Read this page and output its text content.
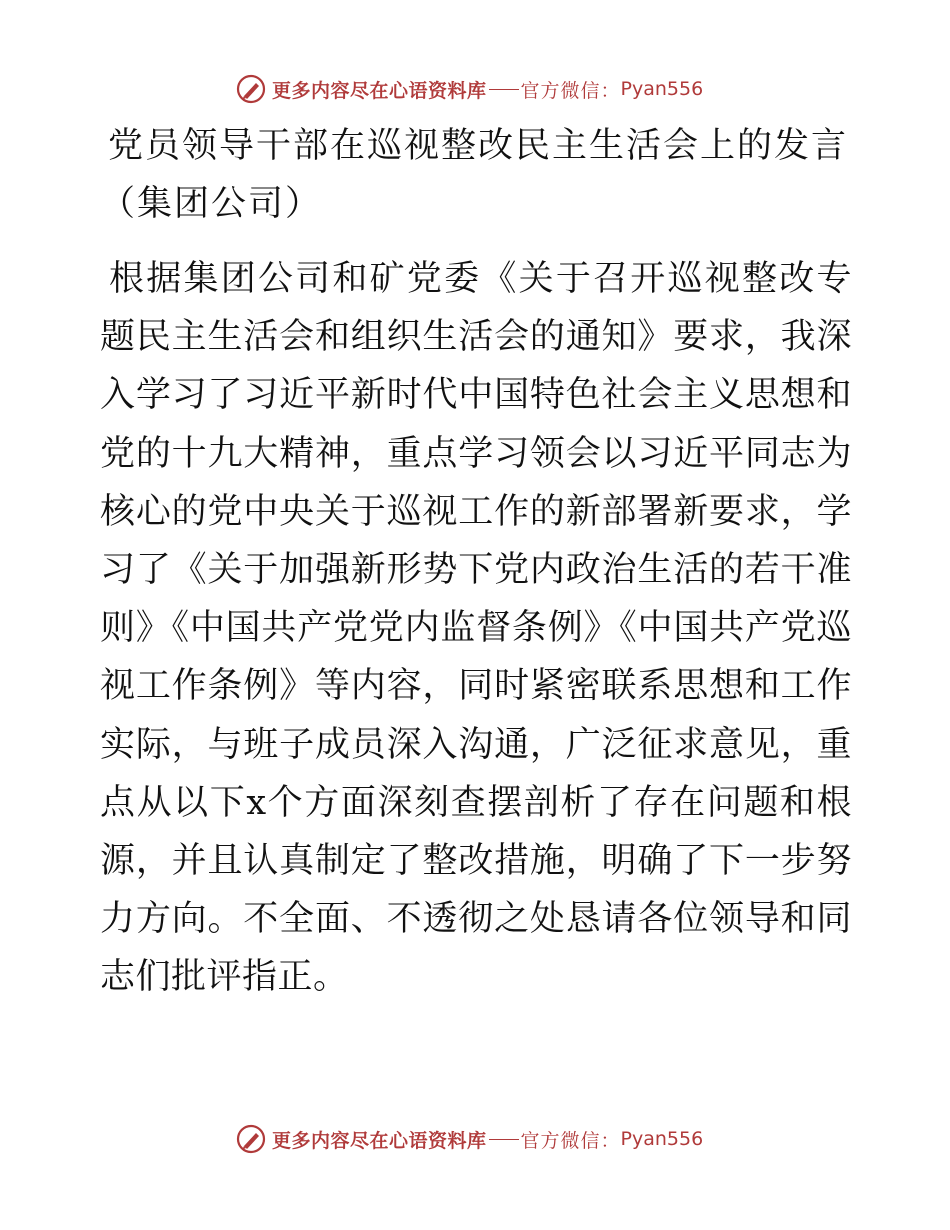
更多内容尽在心语资料库 官方微信： Pyan556
党员领导干部在巡视整改民主生活会上的发言
（集团公司）

根据集团公司和矿党委《关于召开巡视整改专题民主生活会和组织生活会的通知》要求，我深入学习了习近平新时代中国特色社会主义思想和党的十九大精神，重点学习领会以习近平同志为核心的党中央关于巡视工作的新部署新要求，学习了《关于加强新形势下党内政治生活的若干准则》《中国共产党党内监督条例》《中国共产党巡视工作条例》等内容，同时紧密联系思想和工作实际，与班子成员深入沟通，广泛征求意见，重点从以下x个方面深刻查摆剖析了存在问题和根源，并且认真制定了整改措施，明确了下一步努力方向。不全面、不透彻之处恳请各位领导和同志们批评指正。

更多内容尽在心语资料库 官方微信： Pyan556
